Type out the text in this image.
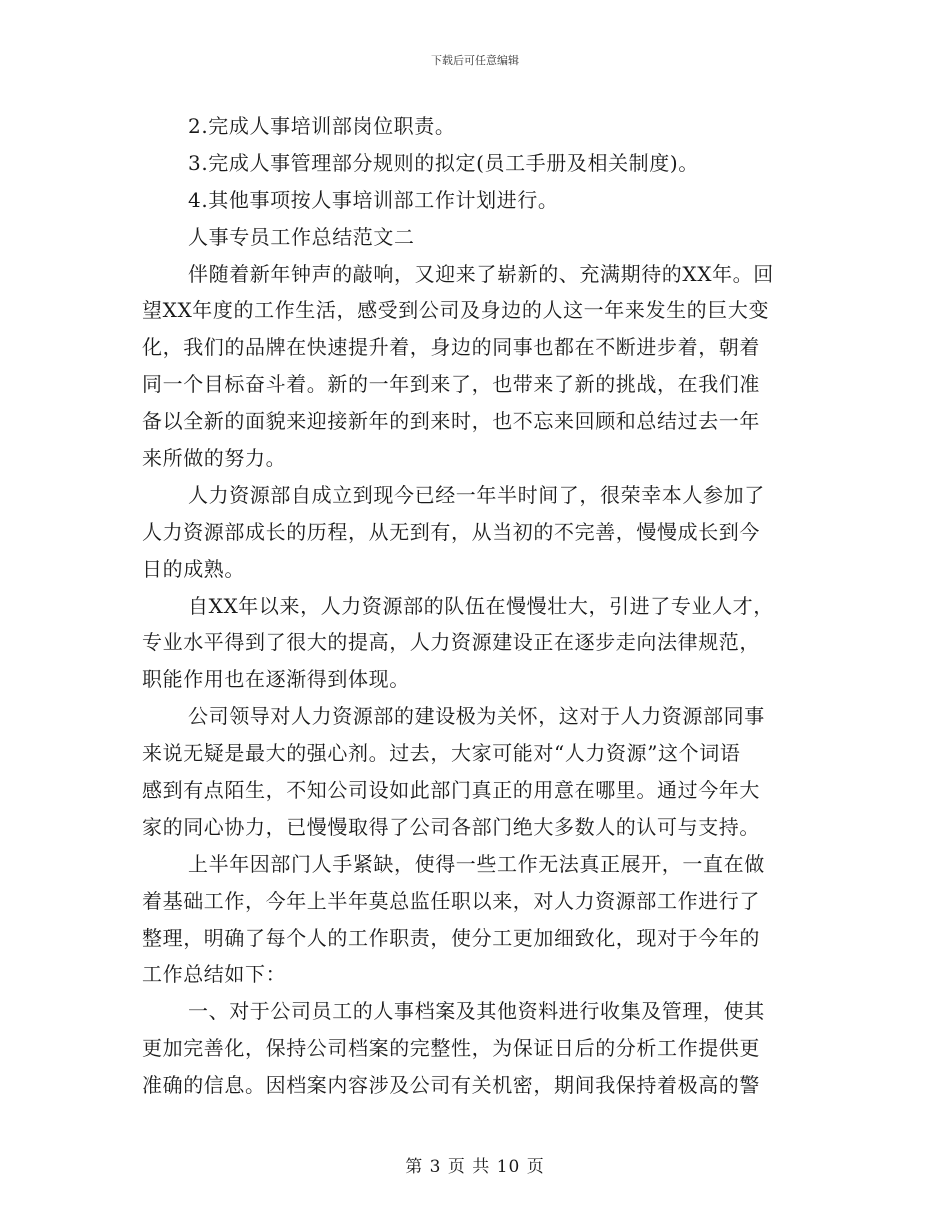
下载后可任意编辑
2.完成人事培训部岗位职责。
3.完成人事管理部分规则的拟定(员工手册及相关制度)。
4.其他事项按人事培训部工作计划进行。
人事专员工作总结范文二
伴随着新年钟声的敲响，又迎来了崭新的、充满期待的XX年。回
望XX年度的工作生活，感受到公司及身边的人这一年来发生的巨大变
化，我们的品牌在快速提升着，身边的同事也都在不断进步着，朝着
同一个目标奋斗着。新的一年到来了，也带来了新的挑战，在我们准
备以全新的面貌来迎接新年的到来时，也不忘来回顾和总结过去一年
来所做的努力。
人力资源部自成立到现今已经一年半时间了，很荣幸本人参加了
人力资源部成长的历程，从无到有，从当初的不完善，慢慢成长到今
日的成熟。
自XX年以来，人力资源部的队伍在慢慢壮大，引进了专业人才，
专业水平得到了很大的提高，人力资源建设正在逐步走向法律规范，
职能作用也在逐渐得到体现。
公司领导对人力资源部的建设极为关怀，这对于人力资源部同事
来说无疑是最大的强心剂。过去，大家可能对“人力资源”这个词语
感到有点陌生，不知公司设如此部门真正的用意在哪里。通过今年大
家的同心协力，已慢慢取得了公司各部门绝大多数人的认可与支持。
上半年因部门人手紧缺，使得一些工作无法真正展开，一直在做
着基础工作，今年上半年莫总监任职以来，对人力资源部工作进行了
整理，明确了每个人的工作职责，使分工更加细致化，现对于今年的
工作总结如下：
一、对于公司员工的人事档案及其他资料进行收集及管理，使其
更加完善化，保持公司档案的完整性，为保证日后的分析工作提供更
准确的信息。因档案内容涉及公司有关机密，期间我保持着极高的警
第 3 页 共 10 页
